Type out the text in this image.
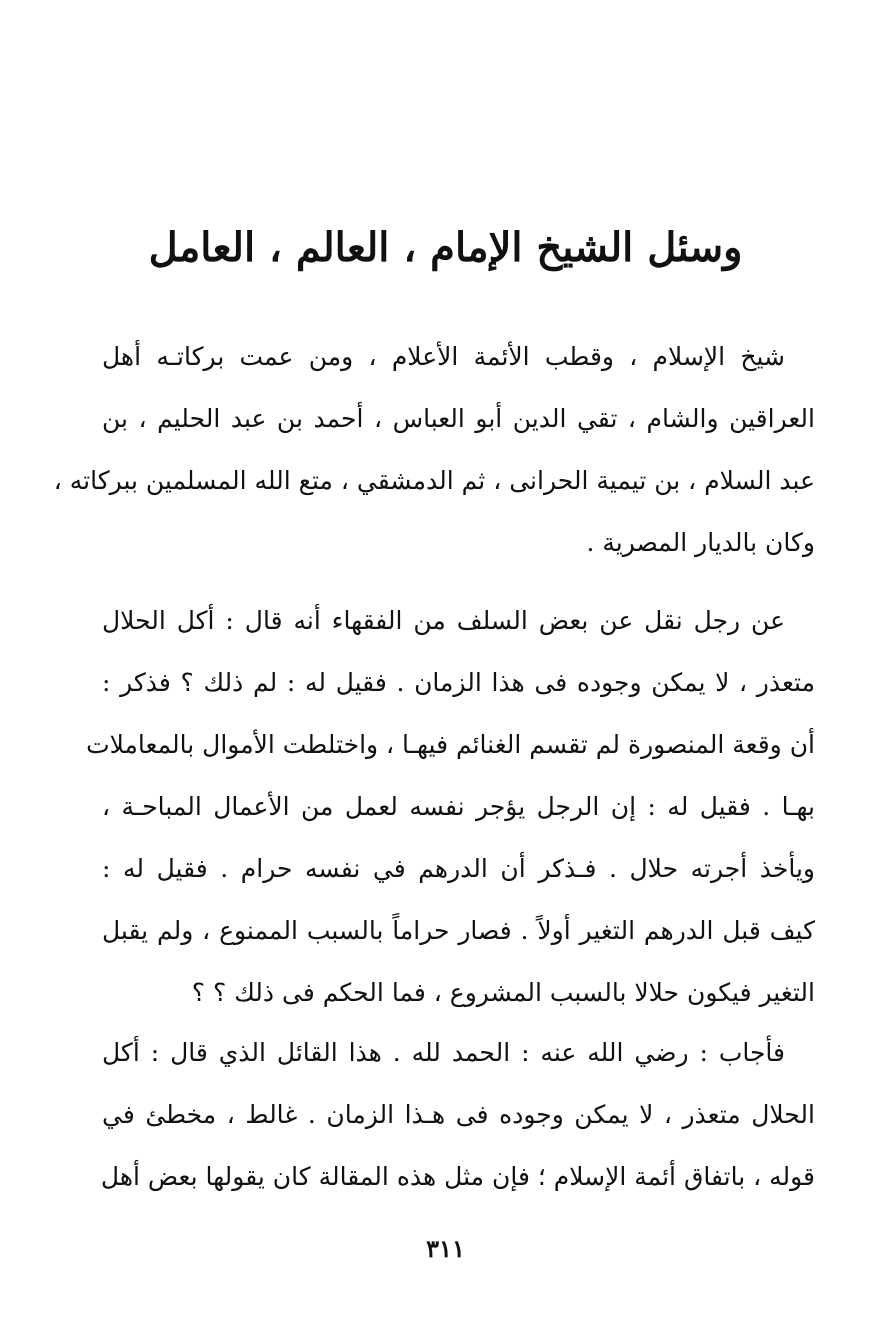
وسئل الشيخ الإمام ، العالم ، العامل

شيخ الإسلام ، وقطب الأئمة الأعلام ، ومن عمت بركاتـه أهل
العراقين والشام ، تقي الدين أبو العباس ، أحمد بن عبد الحليم ، بن
عبد السلام ، بن تيمية الحرانى ، ثم الدمشقي ، متع الله المسلمين ببركاته ،
وكان بالديار المصرية .

عن رجل نقل عن بعض السلف من الفقهاء أنه قال : أكل الحلال
متعذر ، لا يمكن وجوده فى هذا الزمان . فقيل له : لم ذلك ؟ فذكر :
أن وقعة المنصورة لم تقسم الغنائم فيهـا ، واختلطت الأموال بالمعاملات
بهـا . فقيل له : إن الرجل يؤجر نفسه لعمل من الأعمال المباحـة ،
ويأخذ أجرته حلال . فـذكر أن الدرهم في نفسه حرام . فقيل له :
كيف قبل الدرهم التغير أولاً . فصار حراماً بالسبب الممنوع ، ولم يقبل
التغير فيكون حلالا بالسبب المشروع ، فما الحكم فى ذلك ؟ ؟

فأجاب : رضي الله عنه : الحمد لله . هذا القائل الذي قال : أكل
الحلال متعذر ، لا يمكن وجوده فى هـذا الزمان . غالط ، مخطئ في
قوله ، باتفاق أئمة الإسلام ؛ فإن مثل هذه المقالة كان يقولها بعض أهل

٣١١
